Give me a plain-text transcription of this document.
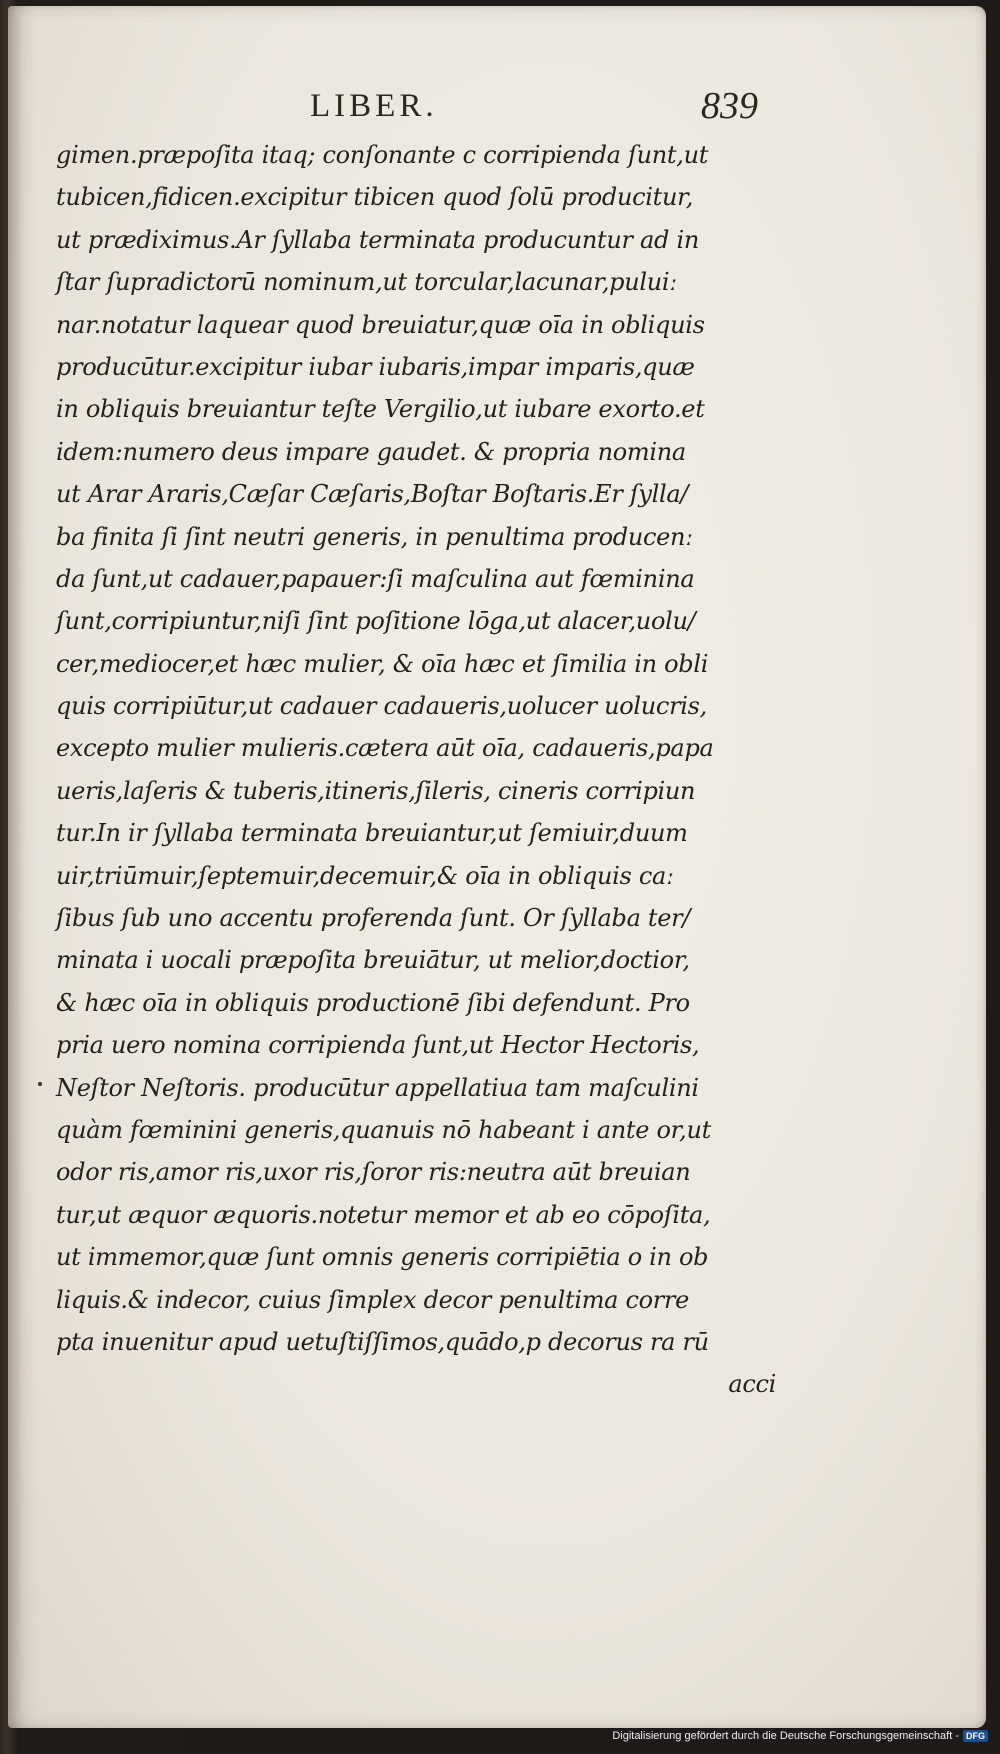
LIBER.	839
gimen.præpoſita itaq; conſonante c corripienda ſunt,ut
tubicen,fidicen.excipitur tibicen quod ſolū producitur,
ut prædiximus.Ar ſyllaba terminata producuntur ad in
ſtar ſupradictorū nominum,ut torcular,lacunar,puluiː
nar.notatur laquear quod breuiatur,quæ oīa in obliquis
producūtur.excipitur iubar iubaris,impar imparis,quæ
in obliquis breuiantur teſte Vergilio,ut iubare exorto.et
idem:numero deus impare gaudet. & propria nomina
ut Arar Araris,Cæſar Cæſaris,Boſtar Boſtaris.Er ſylla/
ba finita ſi ſint neutri generis, in penultima producenː
da ſunt,ut cadauer,papauer:ſi maſculina aut fœminina
ſunt,corripiuntur,niſi ſint poſitione lōga,ut alacer,uolu/
cer,mediocer,et hæc mulier, & oīa hæc et ſimilia in obli
quis corripiūtur,ut cadauer cadaueris,uolucer uolucris,
excepto mulier mulieris.cætera aūt oīa, cadaueris,papa
ueris,laſeris & tuberis,itineris,ſileris, cineris corripiun
tur.In ir ſyllaba terminata breuiantur,ut ſemiuir,duum
uir,triūmuir,ſeptemuir,decemuir,& oīa in obliquis caː
ſibus ſub uno accentu proferenda ſunt. Or ſyllaba ter/
minata i uocali præpoſita breuiātur, ut melior,doctior,
& hæc oīa in obliquis productionē ſibi defendunt. Pro
pria uero nomina corripienda ſunt,ut Hector Hectoris,
Neſtor Neſtoris. producūtur appellatiua tam maſculini
quàm fœminini generis,quanuis nō habeant i ante or,ut
odor ris,amor ris,uxor ris,ſoror ris:neutra aūt breuian
tur,ut æquor æquoris.notetur memor et ab eo cōpoſita,
ut immemor,quæ ſunt omnis generis corripiētia o in ob
liquis.& indecor, cuius ſimplex decor penultima corre
pta inuenitur apud uetuſtiſſimos,quādo,p decorus ra rū
acci
Digitalisierung gefördert durch die Deutsche Forschungsgemeinschaft - DFG
